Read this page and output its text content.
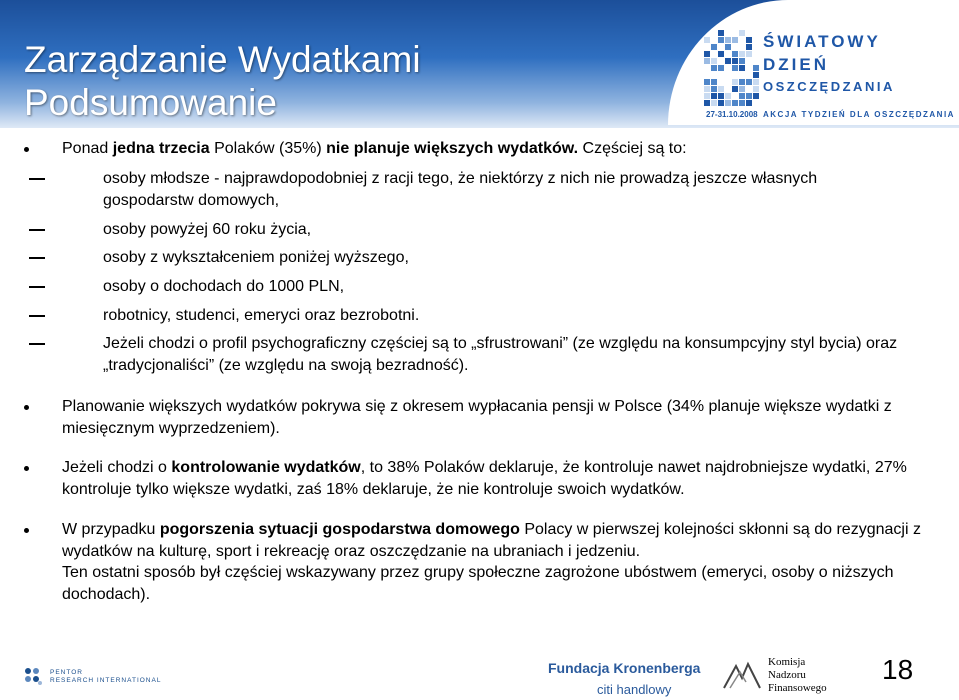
Zarządzanie Wydatkami
Podsumowanie
ŚWIATOWY
DZIEŃ
OSZCZĘDZANIA
27-31.10.2008 AKCJA TYDZIEŃ DLA OSZCZĘDZANIA

Ponad jedna trzecia Polaków (35%) nie planuje większych wydatków. Częściej są to:

osoby młodsze - najprawdopodobniej z racji tego, że niektórzy z nich nie prowadzą jeszcze własnych gospodarstw domowych,

osoby powyżej 60 roku życia,

osoby z wykształceniem poniżej wyższego,

osoby o dochodach do 1000 PLN,

robotnicy, studenci, emeryci oraz bezrobotni.

Jeżeli chodzi o profil psychograficzny częściej są to „sfrustrowani” (ze względu na konsumpcyjny styl bycia) oraz „tradycjonaliści” (ze względu na swoją bezradność).

Planowanie większych wydatków pokrywa się z okresem wypłacania pensji w Polsce (34% planuje większe wydatki z miesięcznym wyprzedzeniem).

Jeżeli chodzi o kontrolowanie wydatków, to 38% Polaków deklaruje, że kontroluje nawet najdrobniejsze wydatki, 27% kontroluje tylko większe wydatki, zaś 18% deklaruje, że nie kontroluje swoich wydatków.

W przypadku pogorszenia sytuacji gospodarstwa domowego Polacy w pierwszej kolejności skłonni są do rezygnacji z wydatków na kulturę, sport i rekreację oraz oszczędzanie na ubraniach i jedzeniu.
Ten ostatni sposób był częściej wskazywany przez grupy społeczne zagrożone ubóstwem (emeryci, osoby o niższych dochodach).

PENTOR
RESEARCH INTERNATIONAL
Fundacja Kronenberga
citi handlowy
Komisja
Nadzoru
Finansowego
18
